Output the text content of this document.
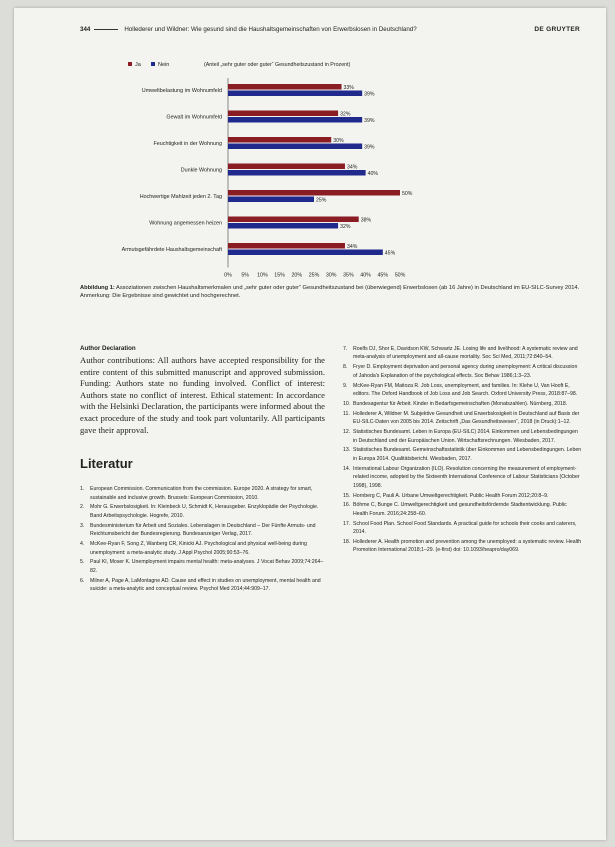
344	Hollederer und Wildner: Wie gesund sind die Haushaltsgemeinschaften von Erwerbslosen in Deutschland?	DE GRUYTER
Ja	Nein	(Anteil „sehr guter oder guter“ Gesundheitszustand in Prozent)
Umweltbelastung im Wohnumfeld	33%
39%
Gewalt im Wohnumfeld	32%
39%
Feuchtigkeit in der Wohnung	30%
39%
Dunkle Wohnung	34%
40%
Hochwertige Mahlzeit jeden 2. Tag	50%
25%
Wohnung angemessen heizen	38%
32%
Armutsgefährdete Haushaltsgemeinschaft	34%
45%
0% 5% 10% 15% 20% 25% 30% 35% 40% 45% 50%
Abbildung 1: Assoziationen zwischen Haushaltsmerkmalen und „sehr guter oder guter“ Gesundheitszustand bei (überwiegend) Erwerbslosen (ab 16 Jahre) in Deutschland im EU-SILC-Survey 2014.
Anmerkung: Die Ergebnisse sind gewichtet und hochgerechnet.
Author Declaration
Author contributions: All authors have accepted responsibility for the entire content of this submitted manuscript and approved submission. Funding: Authors state no funding involved. Conflict of interest: Authors state no conflict of interest. Ethical statement: In accordance with the Helsinki Declaration, the participants were informed about the exact procedure of the study and took part voluntarily. All participants gave their approval.
Literatur
1.	European Commission. Communication from the commission. Europe 2020. A strategy for smart, sustainable and inclusive growth. Brussels: European Commission, 2010.
2.	Mohr G. Erwerbslosigkeit. In: Kleinbeck U, Schmidt K, Herausgeber. Enzyklopädie der Psychologie. Band Arbeitspsychologie. Hogrefe, 2010.
3.	Bundesministerium für Arbeit und Soziales. Lebenslagen in Deutschland – Der Fünfte Armuts- und Reichtumsbericht der Bundesregierung. Bundesanzeiger Verlag, 2017.
4.	McKee-Ryan F, Song Z, Wanberg CR, Kinicki AJ. Psychological and physical well-being during unemployment: a meta-analytic study. J Appl Psychol 2005;90:53–76.
5.	Paul KI, Moser K. Unemployment impairs mental health: meta-analyses. J Vocat Behav 2009;74:264–82.
6.	Milner A, Page A, LaMontagne AD. Cause and effect in studies on unemployment, mental health and suicide: a meta-analytic and conceptual review. Psychol Med 2014;44:909–17.
7.	Roelfs DJ, Shor E, Davidson KW, Schwartz JE. Losing life and livelihood: A systematic review and meta-analysis of unemployment and all-cause mortality. Soc Sci Med, 2011;72:840–54.
8.	Fryer D. Employment deprivation and personal agency during unemployment: A critical discussion of Jahoda's Explanation of the psychological effects. Soc Behav 1986;1:3–23.
9.	McKee-Ryan FM, Maitoza R. Job Loss, unemployment, and families. In: Klehe U, Van Hooft E, editors. The Oxford Handbook of Job Loss and Job Search. Oxford University Press, 2018:87–98.
10. Bundesagentur für Arbeit. Kinder in Bedarfsgemeinschaften (Monatszahlen). Nürnberg, 2018.
11. Hollederer A, Wildner M. Subjektive Gesundheit und Erwerbslosigkeit in Deutschland auf Basis der EU-SILC-Daten von 2005 bis 2014. Zeitschrift „Das Gesundheitswesen“, 2018 (in Druck):1–12.
12. Statistisches Bundesamt. Leben in Europa (EU-SILC) 2014. Einkommen und Lebensbedingungen in Deutschland und der Europäischen Union. Wirtschaftsrechnungen. Wiesbaden, 2017.
13. Statistisches Bundesamt. Gemeinschaftsstatistik über Einkommen und Lebensbedingungen. Leben in Europa 2014. Qualitätsbericht. Wiesbaden, 2017.
14. International Labour Organization (ILO). Resolution concerning the measurement of employment-related income, adopted by the Sixteenth International Conference of Labour Statisticians (October 1998), 1998.
15. Hornberg C, Pauli A. Urbane Umweltgerechtigkeit. Public Health Forum 2012;20:8–9.
16. Böhme C, Bunge C. Umweltgerechtigkeit und gesundheitsfördernde Stadtentwicklung. Public Health Forum. 2016;24:258–60.
17. School Food Plan. School Food Standards. A practical guide for schools their cooks and caterers, 2014.
18. Hollederer A. Health promotion and prevention among the unemployed: a systematic review. Health Promotion International 2018;1–29. (e-first) doi: 10.1093/heapro/day069.
